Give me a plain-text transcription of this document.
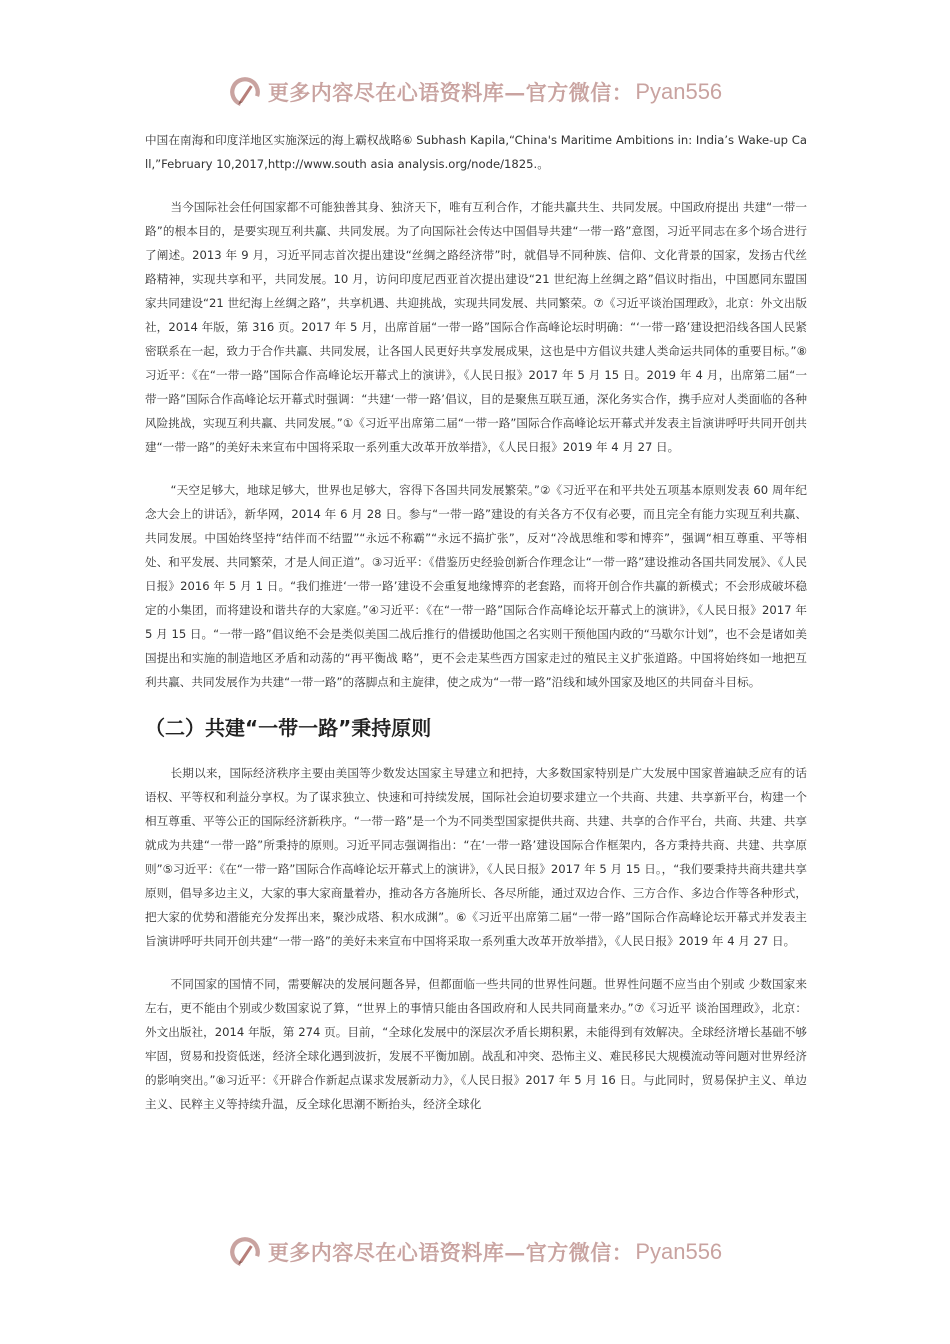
更多内容尽在心语资料库—官方微信： Pyan556

中国在南海和印度洋地区实施深远的海上霸权战略⑥ Subhash Kapila,“China's Maritime Ambitions in: India’s Wake-up Call,”February 10,2017,http://www.south asia analysis.org/node/1825.。

当今国际社会任何国家都不可能独善其身、独济天下，唯有互利合作，才能共赢共生、共同发展。中国政府提出 共建“一带一路”的根本目的，是要实现互利共赢、共同发展。为了向国际社会传达中国倡导共建“一带一路”意图，习近平同志在多个场合进行了阐述。2013 年 9 月，习近平同志首次提出建设“丝绸之路经济带”时，就倡导不同种族、信仰、文化背景的国家，发扬古代丝路精神，实现共享和平，共同发展。10 月，访问印度尼西亚首次提出建设“21 世纪海上丝绸之路”倡议时指出，中国愿同东盟国家共同建设“21 世纪海上丝绸之路”，共享机遇、共迎挑战，实现共同发展、共同繁荣。⑦《习近平谈治国理政》，北京：外文出版社，2014 年版，第 316 页。2017 年 5 月，出席首届“一带一路”国际合作高峰论坛时明确：“‘一带一路’建设把沿线各国人民紧密联系在一起，致力于合作共赢、共同发展，让各国人民更好共享发展成果，这也是中方倡议共建人类命运共同体的重要目标。”⑧习近平：《在“一带一路”国际合作高峰论坛开幕式上的演讲》，《人民日报》2017 年 5 月 15 日。2019 年 4 月，出席第二届“一带一路”国际合作高峰论坛开幕式时强调：“共建‘一带一路’倡议，目的是聚焦互联互通，深化务实合作，携手应对人类面临的各种风险挑战，实现互利共赢、共同发展。”①《习近平出席第二届“一带一路”国际合作高峰论坛开幕式并发表主旨演讲呼吁共同开创共建“一带一路”的美好未来宣布中国将采取一系列重大改革开放举措》，《人民日报》2019 年 4 月 27 日。

“天空足够大，地球足够大，世界也足够大，容得下各国共同发展繁荣。”②《习近平在和平共处五项基本原则发表 60 周年纪念大会上的讲话》，新华网，2014 年 6 月 28 日。参与“一带一路”建设的有关各方不仅有必要，而且完全有能力实现互利共赢、共同发展。中国始终坚持“结伴而不结盟”“永远不称霸”“永远不搞扩张”，反对“冷战思维和零和博弈”，强调“相互尊重、平等相处、和平发展、共同繁荣，才是人间正道”。③习近平：《借鉴历史经验创新合作理念让“一带一路”建设推动各国共同发展》、《人民日报》2016 年 5 月 1 日。“我们推进‘一带一路’建设不会重复地缘博弈的老套路，而将开创合作共赢的新模式；不会形成破坏稳定的小集团，而将建设和谐共存的大家庭。”④习近平：《在“一带一路”国际合作高峰论坛开幕式上的演讲》，《人民日报》2017 年 5 月 15 日。“一带一路”倡议绝不会是类似美国二战后推行的借援助他国之名实则干预他国内政的“马歇尔计划”，也不会是诸如美国提出和实施的制造地区矛盾和动荡的“再平衡战 略”，更不会走某些西方国家走过的殖民主义扩张道路。中国将始终如一地把互利共赢、共同发展作为共建“一带一路”的落脚点和主旋律，使之成为“一带一路”沿线和域外国家及地区的共同奋斗目标。

（二）共建“一带一路”秉持原则

长期以来，国际经济秩序主要由美国等少数发达国家主导建立和把持，大多数国家特别是广大发展中国家普遍缺乏应有的话语权、平等权和利益分享权。为了谋求独立、快速和可持续发展，国际社会迫切要求建立一个共商、共建、共享新平台，构建一个相互尊重、平等公正的国际经济新秩序。“一带一路”是一个为不同类型国家提供共商、共建、共享的合作平台，共商、共建、共享就成为共建“一带一路”所秉持的原则。习近平同志强调指出：“在‘一带一路’建设国际合作框架内，各方秉持共商、共建、共享原则”⑤习近平：《在“一带一路”国际合作高峰论坛开幕式上的演讲》，《人民日报》2017 年 5 月 15 日。，“我们要秉持共商共建共享原则，倡导多边主义，大家的事大家商量着办，推动各方各施所长、各尽所能，通过双边合作、三方合作、多边合作等各种形式，把大家的优势和潜能充分发挥出来，聚沙成塔、积水成渊”。⑥《习近平出席第二届“一带一路”国际合作高峰论坛开幕式并发表主旨演讲呼吁共同开创共建“一带一路”的美好未来宣布中国将采取一系列重大改革开放举措》，《人民日报》2019 年 4 月 27 日。

不同国家的国情不同，需要解决的发展问题各异，但都面临一些共同的世界性问题。世界性问题不应当由个别或 少数国家来左右，更不能由个别或少数国家说了算，“世界上的事情只能由各国政府和人民共同商量来办。”⑦《习近平 谈治国理政》，北京：外文出版社，2014 年版，第 274 页。目前，“全球化发展中的深层次矛盾长期积累，未能得到有效解决。全球经济增长基础不够牢固，贸易和投资低迷，经济全球化遇到波折，发展不平衡加剧。战乱和冲突、恐怖主义、难民移民大规模流动等问题对世界经济的影响突出。”⑧习近平：《开辟合作新起点谋求发展新动力》，《人民日报》2017 年 5 月 16 日。与此同时，贸易保护主义、单边主义、民粹主义等持续升温，反全球化思潮不断抬头，经济全球化

更多内容尽在心语资料库—官方微信： Pyan556
